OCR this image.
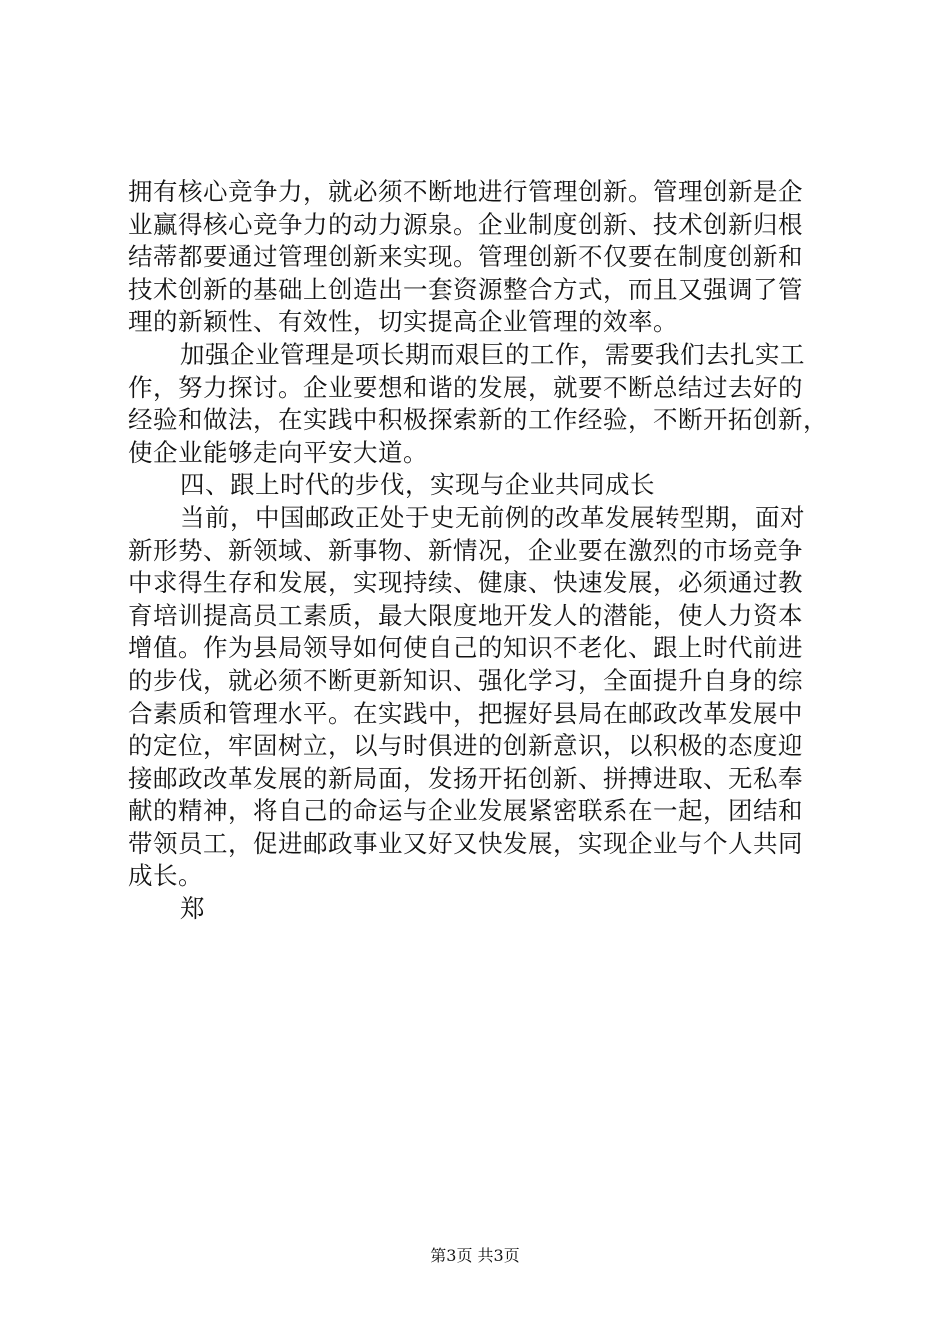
拥有核心竞争力，就必须不断地进行管理创新。管理创新是企
业赢得核心竞争力的动力源泉。企业制度创新、技术创新归根
结蒂都要通过管理创新来实现。管理创新不仅要在制度创新和
技术创新的基础上创造出一套资源整合方式，而且又强调了管
理的新颖性、有效性，切实提高企业管理的效率。
加强企业管理是项长期而艰巨的工作，需要我们去扎实工
作，努力探讨。企业要想和谐的发展，就要不断总结过去好的
经验和做法，在实践中积极探索新的工作经验，不断开拓创新，
使企业能够走向平安大道。
四、跟上时代的步伐，实现与企业共同成长
当前，中国邮政正处于史无前例的改革发展转型期，面对
新形势、新领域、新事物、新情况，企业要在激烈的市场竞争
中求得生存和发展，实现持续、健康、快速发展，必须通过教
育培训提高员工素质，最大限度地开发人的潜能，使人力资本
增值。作为县局领导如何使自己的知识不老化、跟上时代前进
的步伐，就必须不断更新知识、强化学习，全面提升自身的综
合素质和管理水平。在实践中，把握好县局在邮政改革发展中
的定位，牢固树立，以与时俱进的创新意识，以积极的态度迎
接邮政改革发展的新局面，发扬开拓创新、拼搏进取、无私奉
献的精神，将自己的命运与企业发展紧密联系在一起，团结和
带领员工，促进邮政事业又好又快发展，实现企业与个人共同
成长。
郑
第3页 共3页
